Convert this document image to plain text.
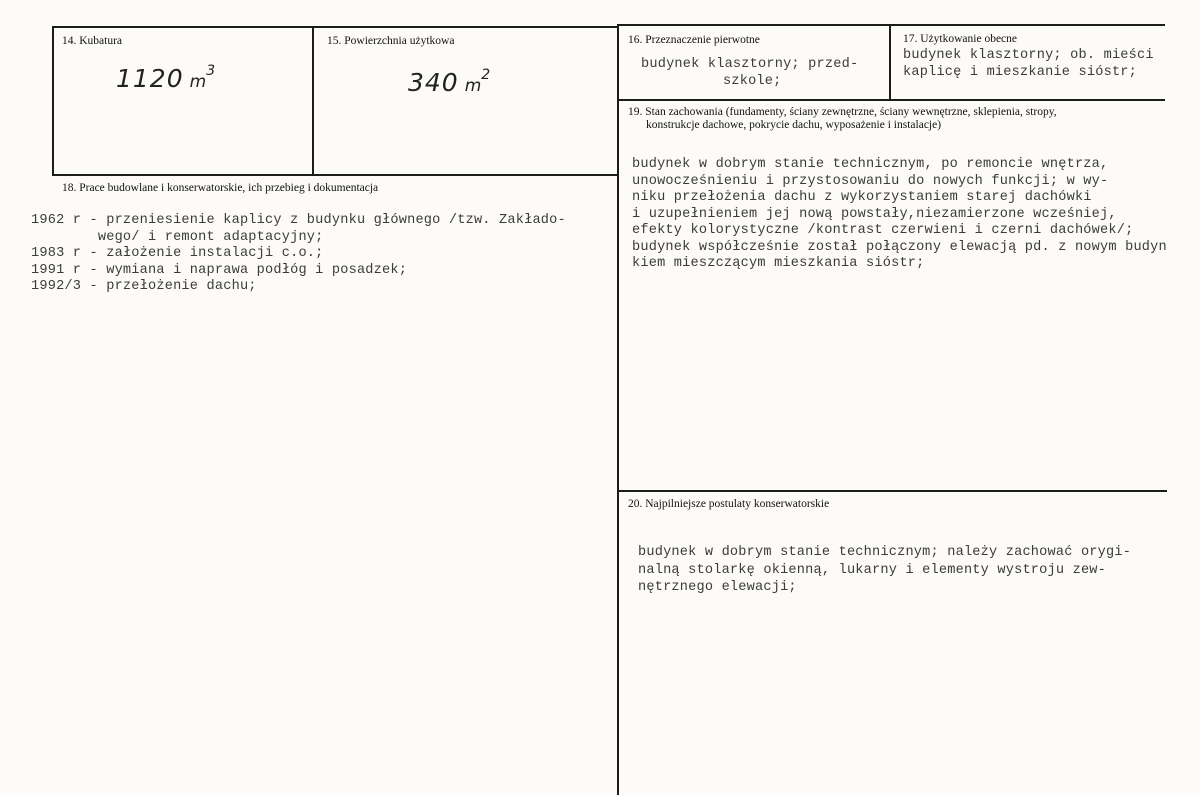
14. Kubatura
1120 $m^3$
15. Powierzchnia użytkowa
340 $m^2$
16. Przeznaczenie pierwotne
budynek klasztorny; przed-
szkole;
17. Użytkowanie obecne
budynek klasztorny; ob. mieści
kaplicę i mieszkanie sióstr;
18. Prace budowlane i konserwatorskie, ich przebieg i dokumentacja
1962 r - przeniesienie kaplicy z budynku głównego /tzw. Zakłado-
wego/ i remont adaptacyjny;
1983 r - założenie instalacji c.o.;
1991 r - wymiana i naprawa podłóg i posadzek;
1992/3 - przełożenie dachu;
19. Stan zachowania (fundamenty, ściany zewnętrzne, ściany wewnętrzne, sklepienia, stropy,
konstrukcje dachowe, pokrycie dachu, wyposażenie i instalacje)
budynek w dobrym stanie technicznym, po remoncie wnętrza,
unowocześnieniu i przystosowaniu do nowych funkcji; w wy-
niku przełożenia dachu z wykorzystaniem starej dachówki
i uzupełnieniem jej nową powstały,niezamierzone wcześniej,
efekty kolorystyczne /kontrast czerwieni i czerni dachówek/;
budynek współcześnie został połączony elewacją pd. z nowym budyn
kiem mieszczącym mieszkania sióstr;
20. Najpilniejsze postulaty konserwatorskie
budynek w dobrym stanie technicznym; należy zachować orygi-
nalną stolarkę okienną, lukarny i elementy wystroju zew-
nętrznego elewacji;
